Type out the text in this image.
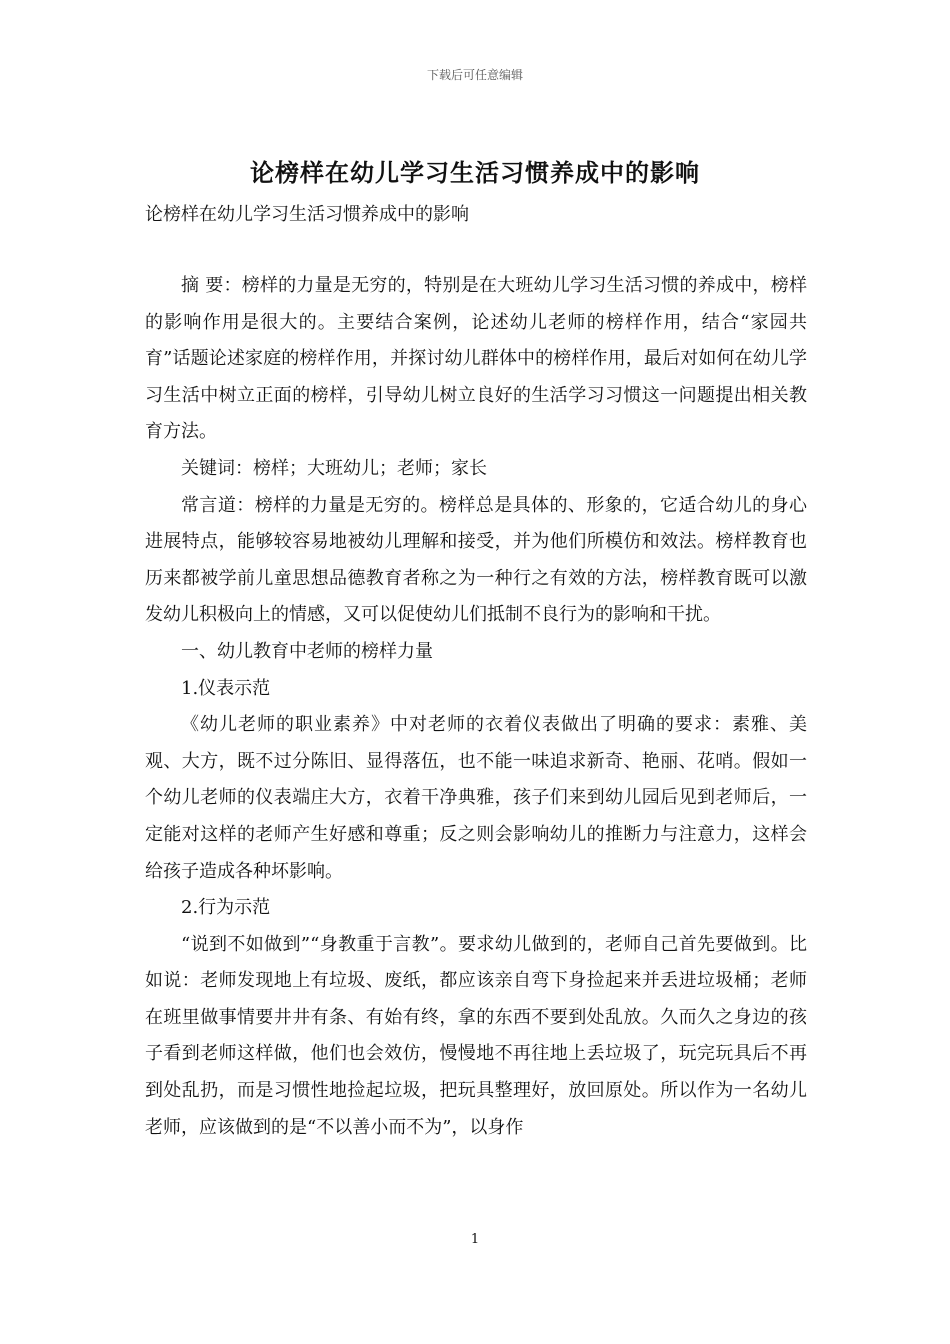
下载后可任意编辑
论榜样在幼儿学习生活习惯养成中的影响
论榜样在幼儿学习生活习惯养成中的影响

摘 要：榜样的力量是无穷的，特别是在大班幼儿学习生活习惯的养成中，榜样的影响作用是很大的。主要结合案例，论述幼儿老师的榜样作用，结合“家园共育”话题论述家庭的榜样作用，并探讨幼儿群体中的榜样作用，最后对如何在幼儿学习生活中树立正面的榜样，引导幼儿树立良好的生活学习习惯这一问题提出相关教育方法。

关键词：榜样；大班幼儿；老师；家长

常言道：榜样的力量是无穷的。榜样总是具体的、形象的，它适合幼儿的身心进展特点，能够较容易地被幼儿理解和接受，并为他们所模仿和效法。榜样教育也历来都被学前儿童思想品德教育者称之为一种行之有效的方法，榜样教育既可以激发幼儿积极向上的情感，又可以促使幼儿们抵制不良行为的影响和干扰。

一、幼儿教育中老师的榜样力量

1.仪表示范

《幼儿老师的职业素养》中对老师的衣着仪表做出了明确的要求：素雅、美观、大方，既不过分陈旧、显得落伍，也不能一味追求新奇、艳丽、花哨。假如一个幼儿老师的仪表端庄大方，衣着干净典雅，孩子们来到幼儿园后见到老师后，一定能对这样的老师产生好感和尊重；反之则会影响幼儿的推断力与注意力，这样会给孩子造成各种坏影响。

2.行为示范

“说到不如做到”“身教重于言教”。要求幼儿做到的，老师自己首先要做到。比如说：老师发现地上有垃圾、废纸，都应该亲自弯下身捡起来并丢进垃圾桶；老师在班里做事情要井井有条、有始有终，拿的东西不要到处乱放。久而久之身边的孩子看到老师这样做，他们也会效仿，慢慢地不再往地上丢垃圾了，玩完玩具后不再到处乱扔，而是习惯性地捡起垃圾，把玩具整理好，放回原处。所以作为一名幼儿老师，应该做到的是“不以善小而不为”，以身作

1
